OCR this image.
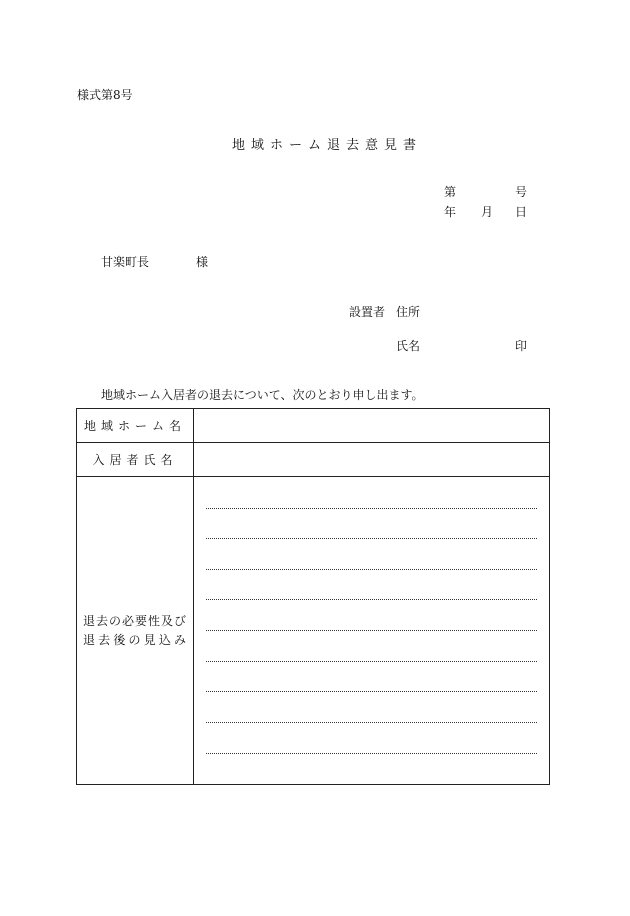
様式第8号
地域ホーム退去意見書
第	号
年 月 日
甘楽町長	様
設置者 住所
氏名	印
地域ホーム入居者の退去について、次のとおり申し出ます。
地域ホーム名	
入居者氏名	

退去の必要性及び
退去後の見込み	
